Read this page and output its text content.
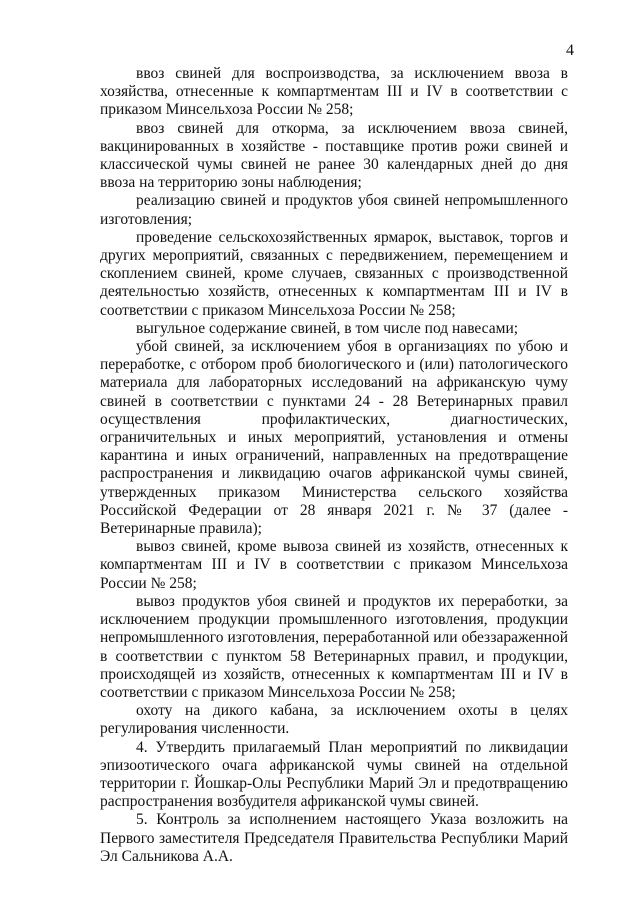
4

ввоз свиней для воспроизводства, за исключением ввоза в хозяйства, отнесенные к компартментам III и IV в соответствии с приказом Минсельхоза России № 258;

ввоз свиней для откорма, за исключением ввоза свиней, вакцинированных в хозяйстве - поставщике против рожи свиней и классической чумы свиней не ранее 30 календарных дней до дня ввоза на территорию зоны наблюдения;

реализацию свиней и продуктов убоя свиней непромышленного изготовления;

проведение сельскохозяйственных ярмарок, выставок, торгов и других мероприятий, связанных с передвижением, перемещением и скоплением свиней, кроме случаев, связанных с производственной деятельностью хозяйств, отнесенных к компартментам III и IV в соответствии с приказом Минсельхоза России № 258;

выгульное содержание свиней, в том числе под навесами;

убой свиней, за исключением убоя в организациях по убою и переработке, с отбором проб биологического и (или) патологического материала для лабораторных исследований на африканскую чуму свиней в соответствии с пунктами 24 - 28 Ветеринарных правил осуществления профилактических, диагностических, ограничительных и иных мероприятий, установления и отмены карантина и иных ограничений, направленных на предотвращение распространения и ликвидацию очагов африканской чумы свиней, утвержденных приказом Министерства сельского хозяйства Российской Федерации от 28 января 2021 г. № 37 (далее - Ветеринарные правила);

вывоз свиней, кроме вывоза свиней из хозяйств, отнесенных к компартментам III и IV в соответствии с приказом Минсельхоза России № 258;

вывоз продуктов убоя свиней и продуктов их переработки, за исключением продукции промышленного изготовления, продукции непромышленного изготовления, переработанной или обеззараженной в соответствии с пунктом 58 Ветеринарных правил, и продукции, происходящей из хозяйств, отнесенных к компартментам III и IV в соответствии с приказом Минсельхоза России № 258;

охоту на дикого кабана, за исключением охоты в целях регулирования численности.

4. Утвердить прилагаемый План мероприятий по ликвидации эпизоотического очага африканской чумы свиней на отдельной территории г. Йошкар-Олы Республики Марий Эл и предотвращению распространения возбудителя африканской чумы свиней.

5. Контроль за исполнением настоящего Указа возложить на Первого заместителя Председателя Правительства Республики Марий Эл Сальникова А.А.
